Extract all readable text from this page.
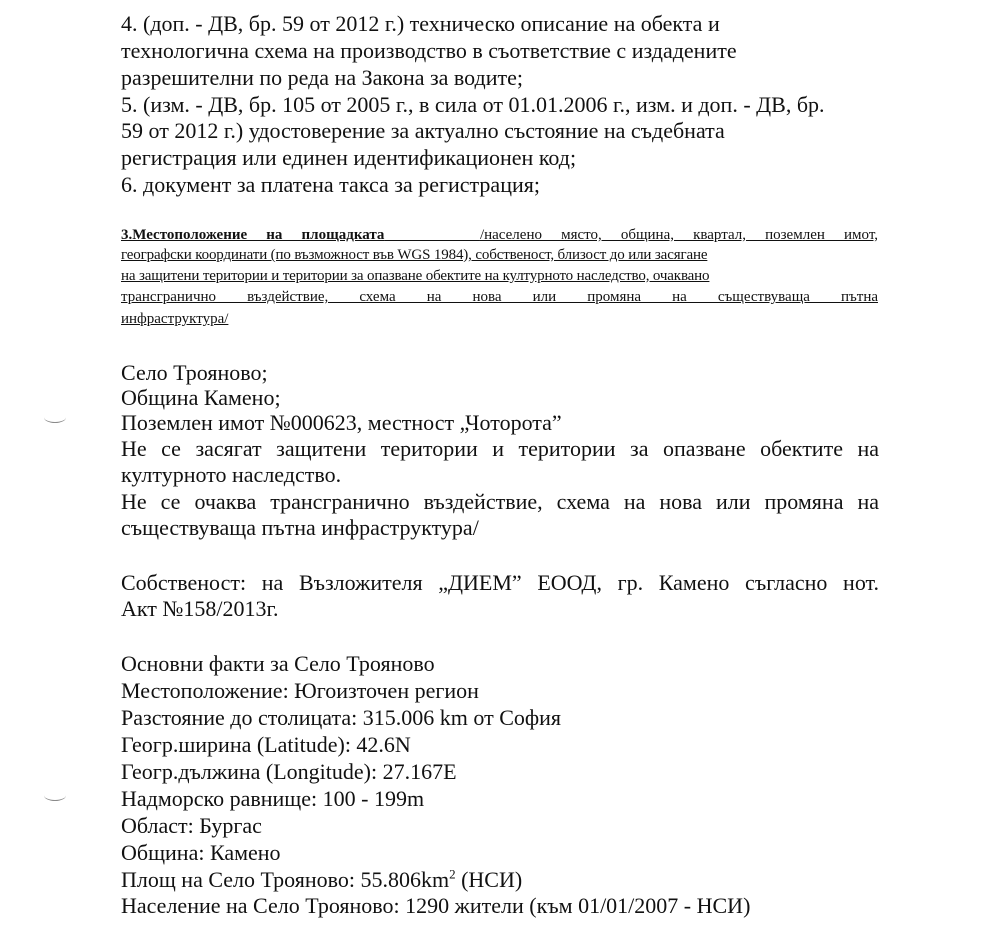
4. (доп. - ДВ, бр. 59 от 2012 г.) техническо описание на обекта и

технологична схема на производство в съответствие с издадените

разрешителни по реда на Закона за водите;

5. (изм. - ДВ, бр. 105 от 2005 г., в сила от 01.01.2006 г., изм. и доп. - ДВ, бр.

59 от 2012 г.) удостоверение за актуално състояние на съдебната

регистрация или единен идентификационен код;

6. документ за платена такса за регистрация;

3.Местоположение на площадката	/населено място, община, квартал, поземлен имот,

географски координати (по възможност във WGS 1984), собственост, близост до или засягане

на защитени територии и територии за опазване обектите на културното наследство, очаквано

трансгранично въздействие, схема на нова или промяна на съществуваща пътна

инфраструктура/

Село Трояново;

Община Камено;

Поземлен имот №000623, местност „Чоторота”

Не се засягат защитени територии и територии за опазване обектите на

културното наследство.

Не се очаква трансгранично въздействие, схема на нова или промяна на

съществуваща пътна инфраструктура/

Собственост: на Възложителя „ДИЕМ” ЕООД, гр. Камено съгласно нот.

Акт №158/2013г.

Основни факти за Село Трояново

Местоположение: Югоизточен регион

Разстояние до столицата: 315.006 km от София

Геогр.ширина (Latitude): 42.6N

Геогр.дължина (Longitude): 27.167E

Надморско равнище: 100 - 199m

Област: Бургас

Община: Камено

Площ на Село Трояново: $55.806km^2$ (НСИ)

Население на Село Трояново: 1290 жители (към 01/01/2007 - НСИ)
